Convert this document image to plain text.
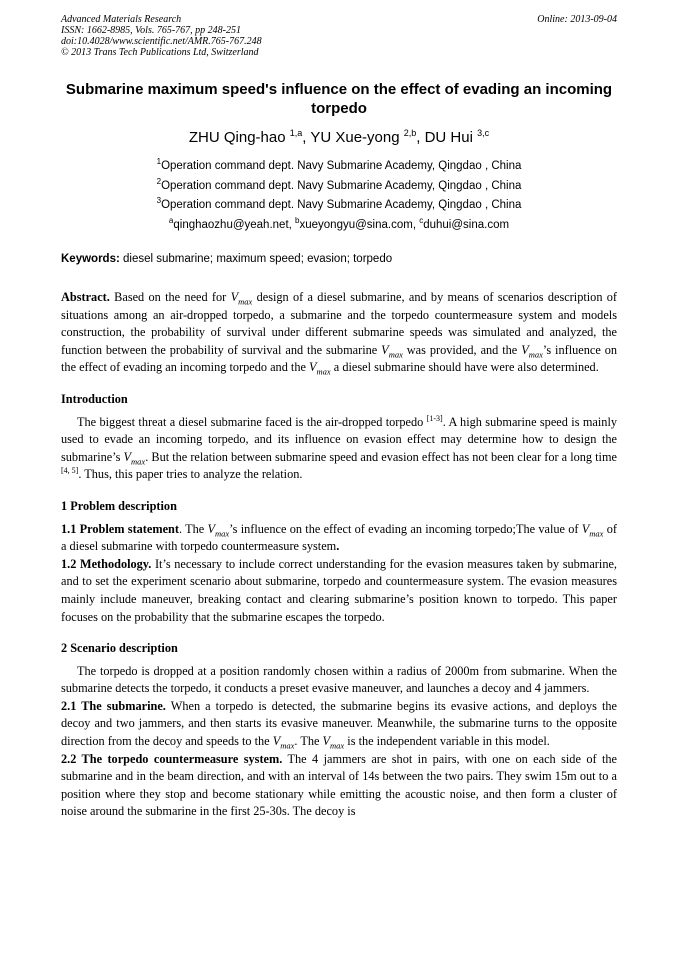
Advanced Materials Research
ISSN: 1662-8985, Vols. 765-767, pp 248-251
doi:10.4028/www.scientific.net/AMR.765-767.248
© 2013 Trans Tech Publications Ltd, Switzerland
Online: 2013-09-04
Submarine maximum speed's influence on the effect of evading an incoming torpedo
ZHU Qing-hao $^{1,a}$, YU Xue-yong $^{2,b}$, DU Hui $^{3,c}$
$^1$Operation command dept. Navy Submarine Academy, Qingdao , China
$^2$Operation command dept. Navy Submarine Academy, Qingdao , China
$^3$Operation command dept. Navy Submarine Academy, Qingdao , China
$^a$qinghaozhu@yeah.net, $^b$xueyongyu@sina.com, $^c$duhui@sina.com
Keywords: diesel submarine; maximum speed; evasion; torpedo

Abstract. Based on the need for $V_{max}$ design of a diesel submarine, and by means of scenarios description of situations among an air-dropped torpedo, a submarine and the torpedo countermeasure system and models construction, the probability of survival under different submarine speeds was simulated and analyzed, the function between the probability of survival and the submarine $V_{max}$ was provided, and the $V_{max}’s$ influence on the effect of evading an incoming torpedo and the $V_{max}$ a diesel submarine should have were also determined.

Introduction

The biggest threat a diesel submarine faced is the air-dropped torpedo [1-3]. A high submarine speed is mainly used to evade an incoming torpedo, and its influence on evasion effect may determine how to design the submarine’s $V_{max}$. But the relation between submarine speed and evasion effect has not been clear for a long time [4, 5]. Thus, this paper tries to analyze the relation.

1 Problem description

1.1 Problem statement. The $V_{max}’s$ influence on the effect of evading an incoming torpedo;The value of $V_{max}$ of a diesel submarine with torpedo countermeasure system.

1.2 Methodology. It’s necessary to include correct understanding for the evasion measures taken by submarine, and to set the experiment scenario about submarine, torpedo and countermeasure system. The evasion measures mainly include maneuver, breaking contact and clearing submarine’s position known to torpedo. This paper focuses on the probability that the submarine escapes the torpedo.

2 Scenario description

The torpedo is dropped at a position randomly chosen within a radius of 2000m from submarine. When the submarine detects the torpedo, it conducts a preset evasive maneuver, and launches a decoy and 4 jammers.

2.1 The submarine. When a torpedo is detected, the submarine begins its evasive actions, and deploys the decoy and two jammers, and then starts its evasive maneuver. Meanwhile, the submarine turns to the opposite direction from the decoy and speeds to the $V_{max}$. The $V_{max}$ is the independent variable in this model.

2.2 The torpedo countermeasure system. The 4 jammers are shot in pairs, with one on each side of the submarine and in the beam direction, and with an interval of 14s between the two pairs. They swim 15m out to a position where they stop and become stationary while emitting the acoustic noise, and then form a cluster of noise around the submarine in the first 25-30s. The decoy is
